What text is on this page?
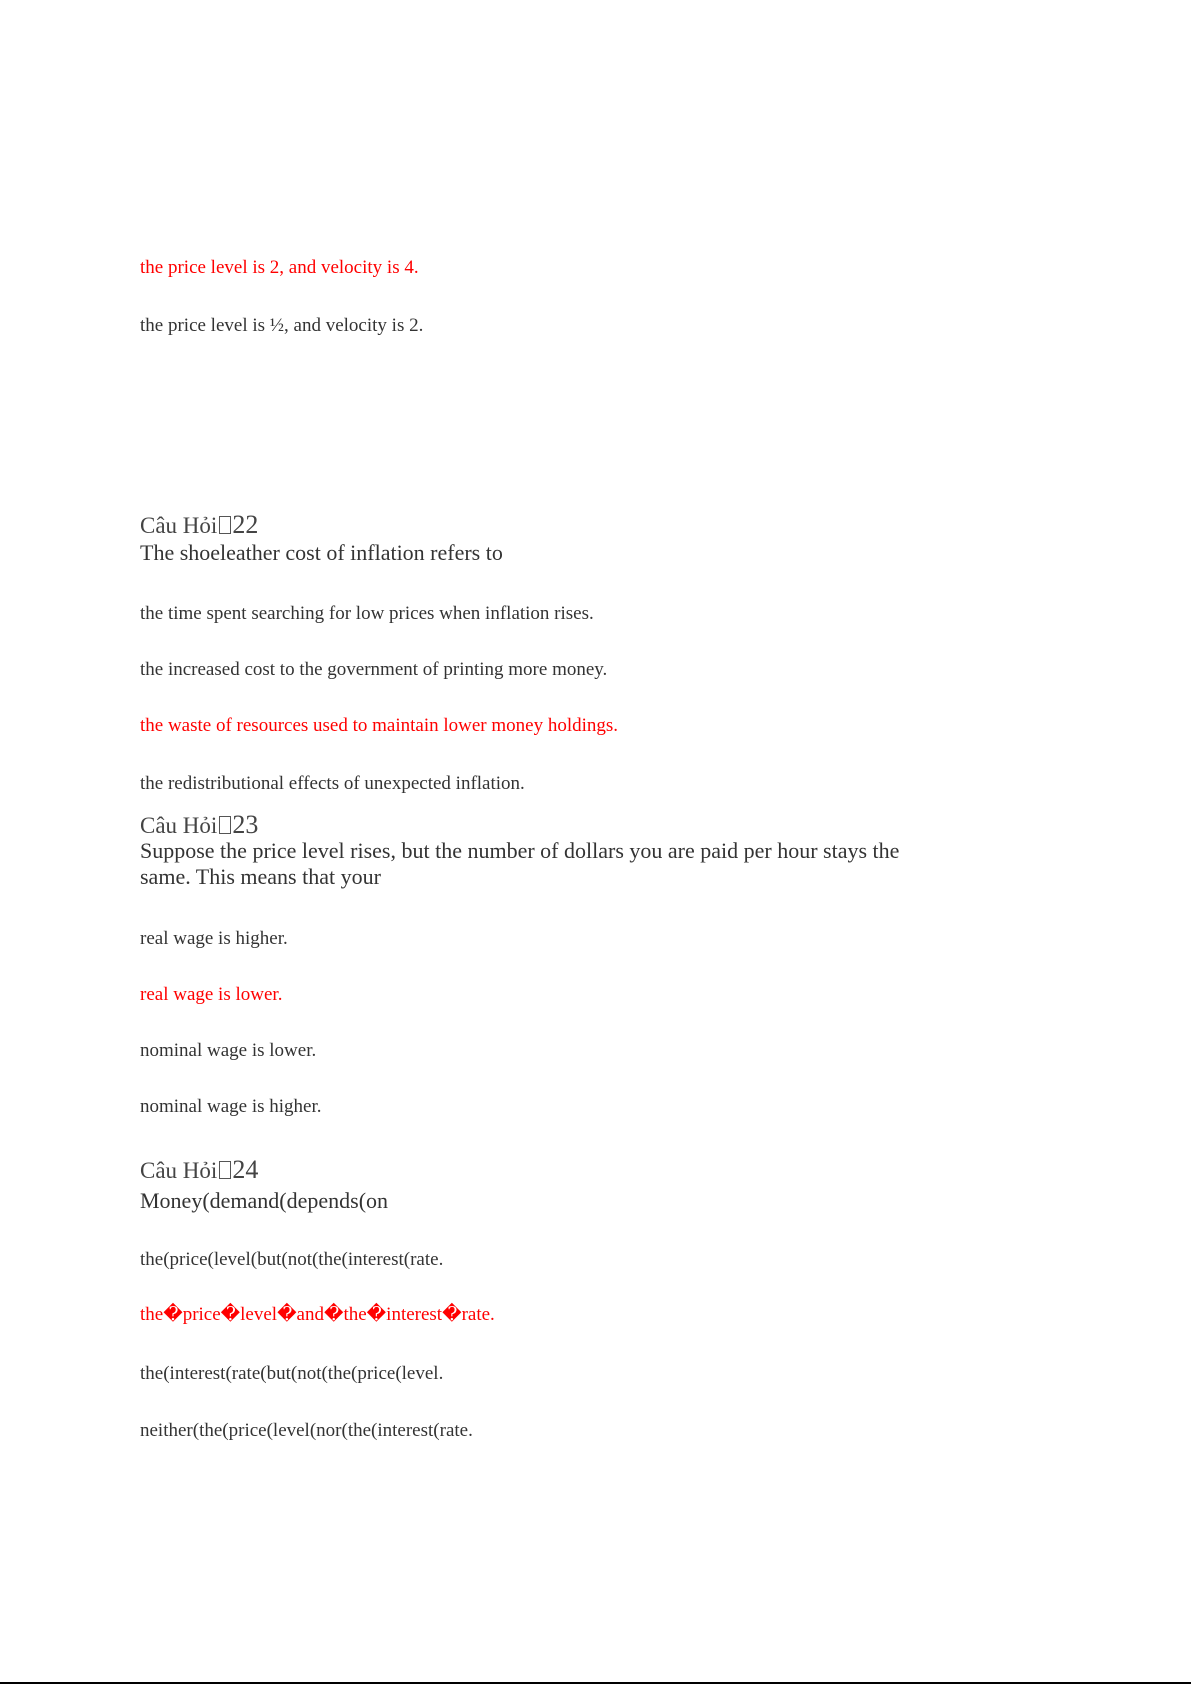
the price level is 2, and velocity is 4.
the price level is ½, and velocity is 2.
Câu Hỏi 22
The shoeleather cost of inflation refers to
the time spent searching for low prices when inflation rises.
the increased cost to the government of printing more money.
the waste of resources used to maintain lower money holdings.
the redistributional effects of unexpected inflation.
Câu Hỏi 23
Suppose the price level rises, but the number of dollars you are paid per hour stays the same. This means that your
real wage is higher.
real wage is lower.
nominal wage is lower.
nominal wage is higher.
Câu Hỏi 24
Money(demand(depends(on
the(price(level(but(not(the(interest(rate.
the�price�level�and�the�interest�rate.
the(interest(rate(but(not(the(price(level.
neither(the(price(level(nor(the(interest(rate.
